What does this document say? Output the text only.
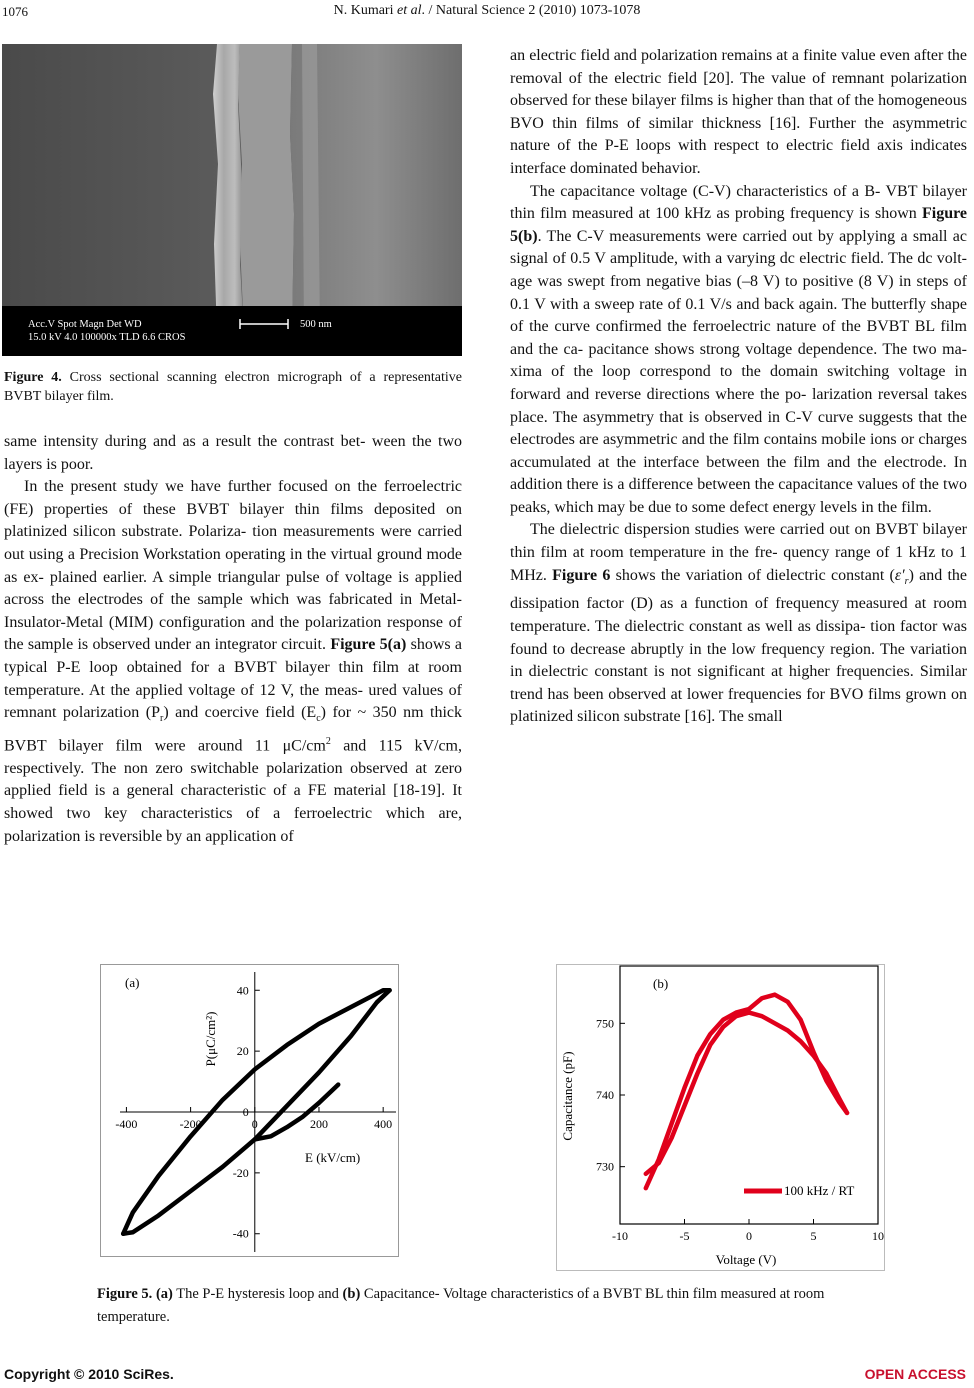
1076	N. Kumari et al. / Natural Science 2 (2010) 1073-1078
Acc.V Spot Magn Det WD
15.0 kV 4.0 100000x TLD 6.6 CROS
500 nm
Figure 4. Cross sectional scanning electron micrograph of a representative BVBT bilayer film.

same intensity during and as a result the contrast bet- ween the two layers is poor.

In the present study we have further focused on the ferroelectric (FE) properties of these BVBT bilayer thin films deposited on platinized silicon substrate. Polariza- tion measurements were carried out using a Precision Workstation operating in the virtual ground mode as ex- plained earlier. A simple triangular pulse of voltage is applied across the electrodes of the sample which was fabricated in Metal-Insulator-Metal (MIM) configuration and the polarization response of the sample is observed under an integrator circuit. Figure 5(a) shows a typical P-E loop obtained for a BVBT bilayer thin film at room temperature. At the applied voltage of 12 V, the meas- ured values of remnant polarization $(P_r)$ and coercive field $(E_c)$ for ~ 350 nm thick BVBT bilayer film were around 11 $\mu C/cm^2$ and 115 kV/cm, respectively. The non zero switchable polarization observed at zero applied field is a general characteristic of a FE material [18-19]. It showed two key characteristics of a ferroelectric which are, polarization is reversible by an application of

an electric field and polarization remains at a finite value even after the removal of the electric field [20]. The value of remnant polarization observed for these bilayer films is higher than that of the homogeneous BVO thin films of similar thickness [16]. Further the asymmetric nature of the P-E loops with respect to electric field axis indicates interface dominated behavior.

The capacitance voltage (C-V) characteristics of a B- VBT bilayer thin film measured at 100 kHz as probing frequency is shown Figure 5(b). The C-V measurements were carried out by applying a small ac signal of 0.5 V amplitude, with a varying dc electric field. The dc volt- age was swept from negative bias (–8 V) to positive (8 V) in steps of 0.1 V with a sweep rate of 0.1 V/s and back again. The butterfly shape of the curve confirmed the ferroelectric nature of the BVBT BL film and the ca- pacitance shows strong voltage dependence. The two ma- xima of the loop correspond to the domain switching voltage in forward and reverse directions where the po- larization reversal takes place. The asymmetry that is observed in C-V curve suggests that the electrodes are asymmetric and the film contains mobile ions or charges accumulated at the interface between the film and the electrode. In addition there is a difference between the capacitance values of the two peaks, which may be due to some defect energy levels in the film.

The dielectric dispersion studies were carried out on BVBT bilayer thin film at room temperature in the fre- quency range of 1 kHz to 1 MHz. Figure 6 shows the variation of dielectric constant $(\varepsilon'_r)$ and the dissipation factor (D) as a function of frequency measured at room temperature. The dielectric constant as well as dissipa- tion factor was found to decrease abruptly in the low frequency region. The variation in dielectric constant is not significant at higher frequencies. Similar trend has been observed at lower frequencies for BVO films grown on platinized silicon substrate [16]. The small

-400	-200	0	200	400
-40
-20
0
20
40
(a)
E (kV/cm)
P(μC/cm²)
-10	-5	0	5	10
730
740
750
(b)
Voltage (V)
Capacitance (pF)
100 kHz / RT
Figure 5. (a) The P-E hysteresis loop and (b) Capacitance- Voltage characteristics of a BVBT BL thin film measured at room temperature.
Copyright © 2010 SciRes.	OPEN ACCESS
